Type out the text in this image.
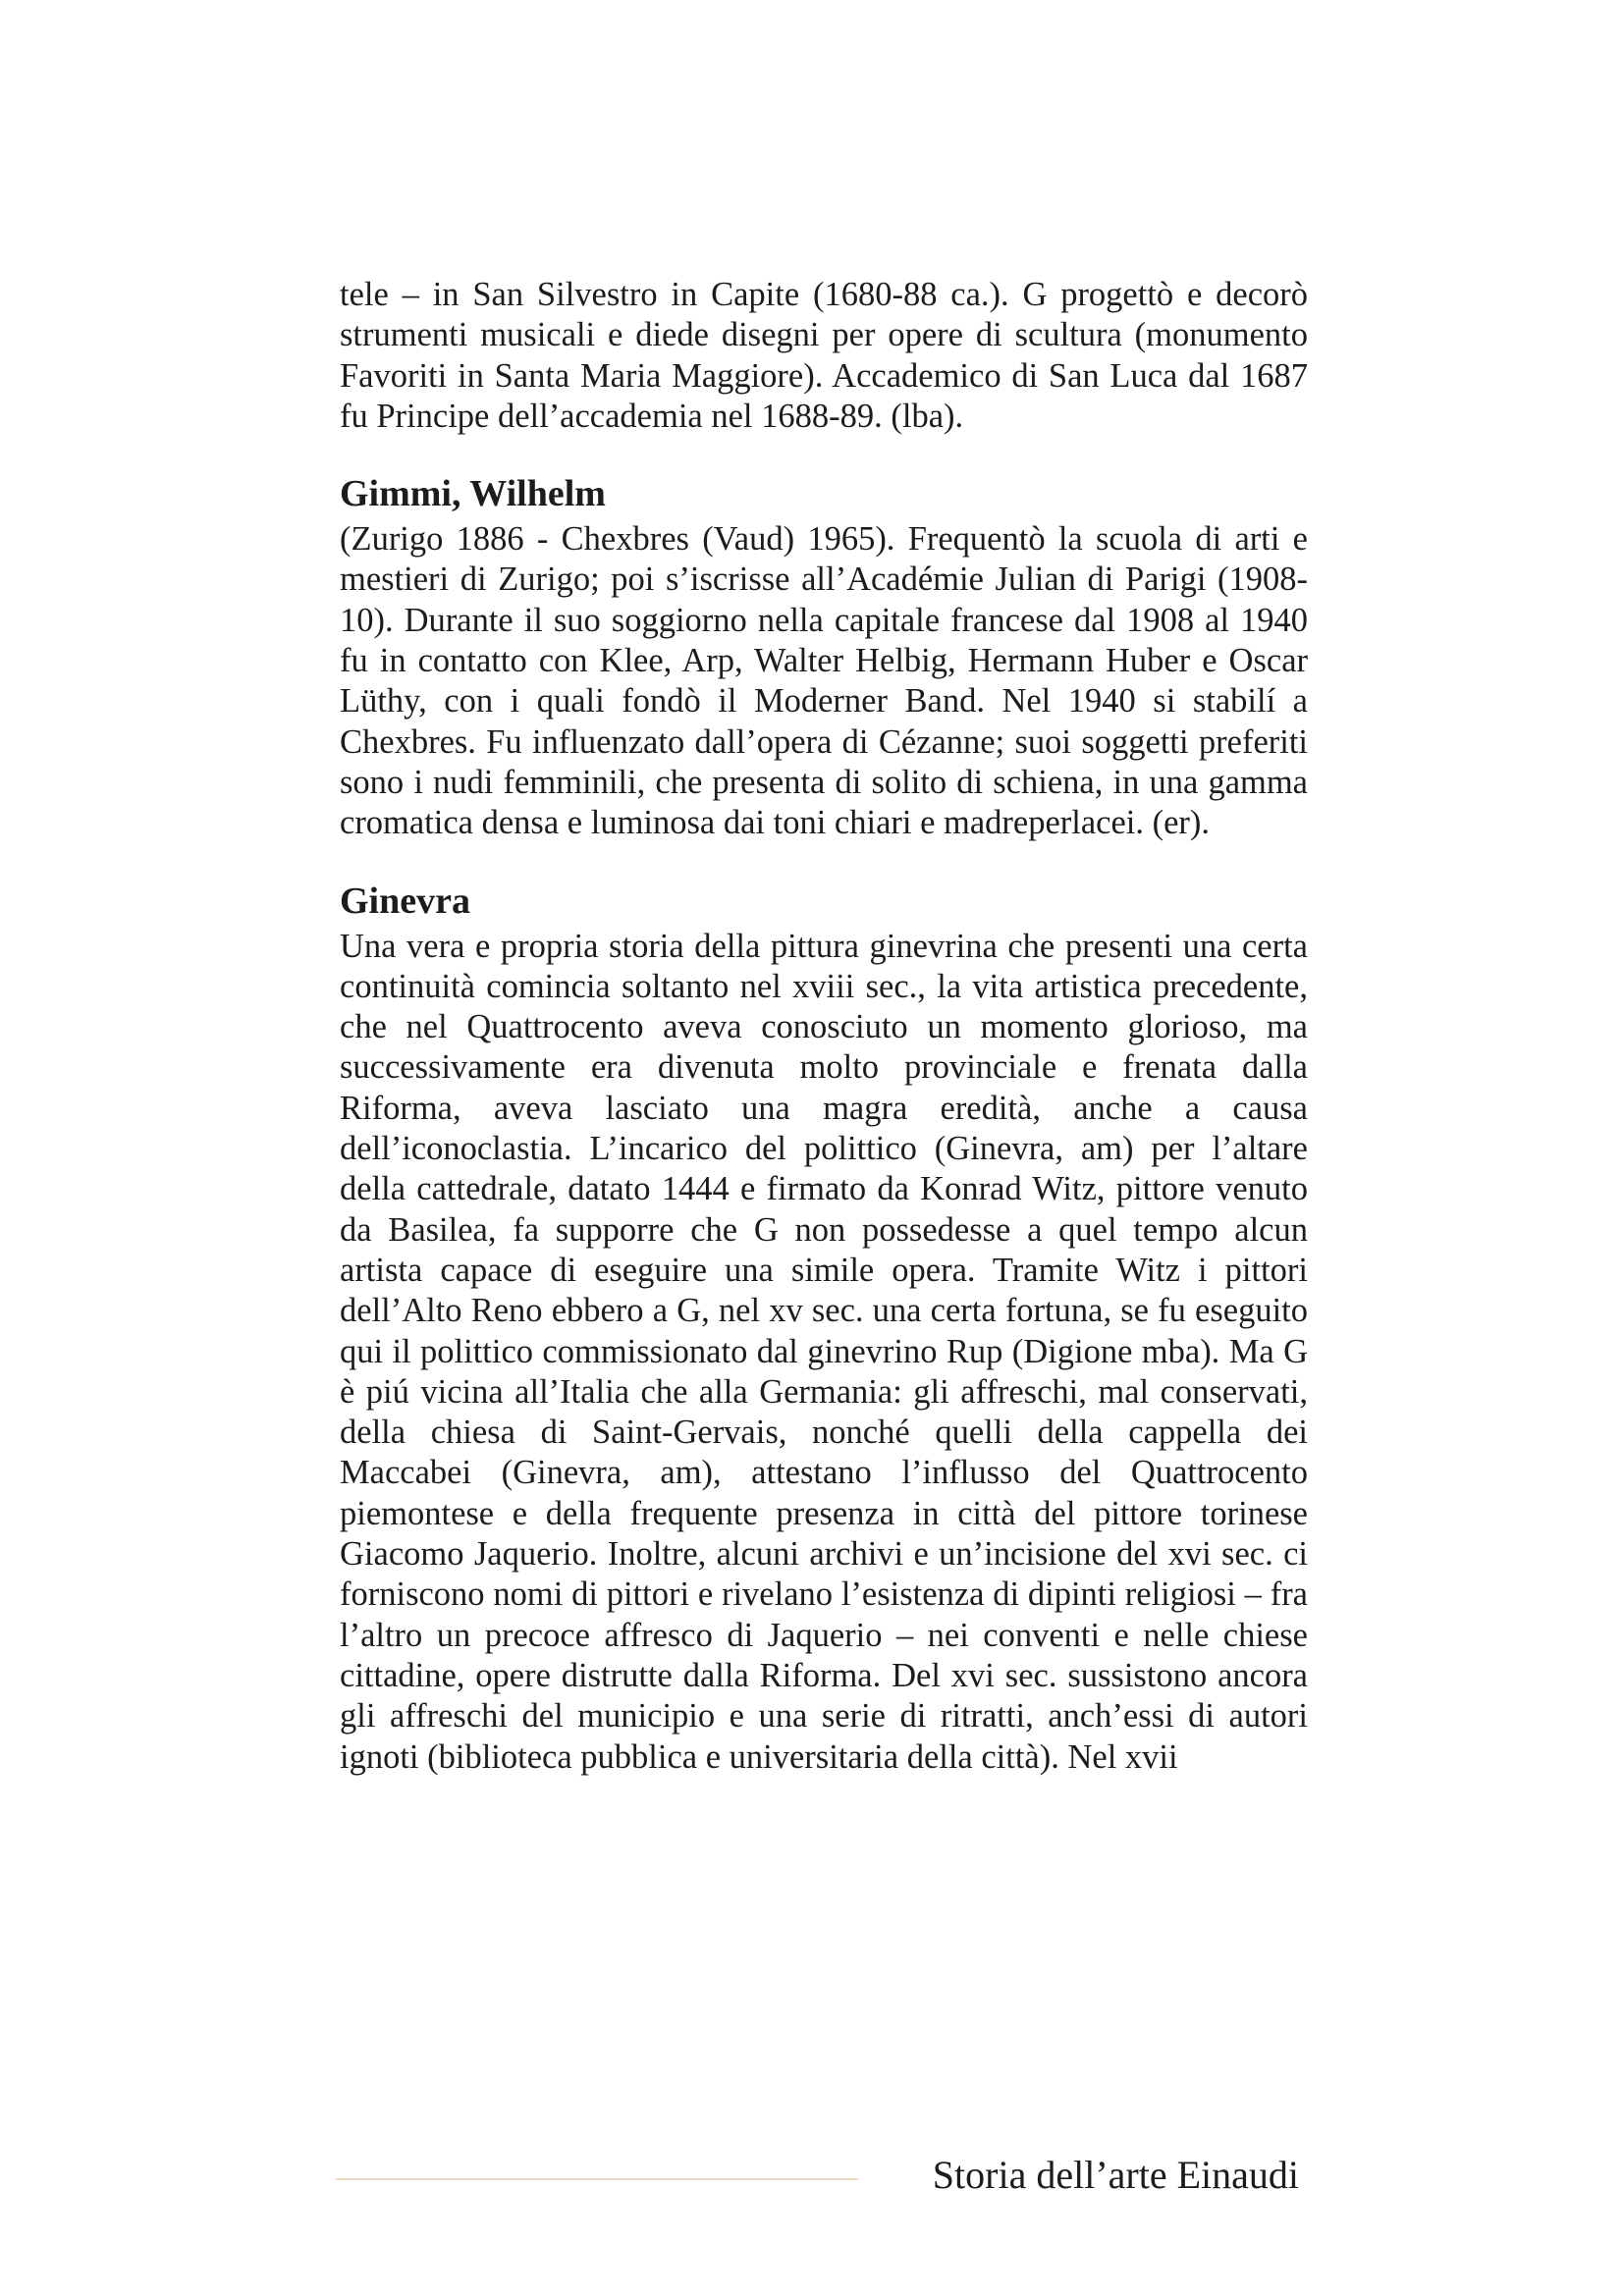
tele – in San Silvestro in Capite (1680-88 ca.). G progettò e decorò strumenti musicali e diede disegni per opere di scultura (monumento Favoriti in Santa Maria Maggiore). Accademico di San Luca dal 1687 fu Principe dell’accademia nel 1688-89. (lba).

Gimmi, Wilhelm

(Zurigo 1886 - Chexbres (Vaud) 1965). Frequentò la scuola di arti e mestieri di Zurigo; poi s’iscrisse all’Académie Julian di Parigi (1908-10). Durante il suo soggiorno nella capitale francese dal 1908 al 1940 fu in contatto con Klee, Arp, Walter Helbig, Hermann Huber e Oscar Lüthy, con i quali fondò il Moderner Band. Nel 1940 si stabilí a Chexbres. Fu influenzato dall’opera di Cézanne; suoi soggetti preferiti sono i nudi femminili, che presenta di solito di schiena, in una gamma cromatica densa e luminosa dai toni chiari e madreperlacei. (er).

Ginevra

Una vera e propria storia della pittura ginevrina che presenti una certa continuità comincia soltanto nel xviii sec., la vita artistica precedente, che nel Quattrocento aveva conosciuto un momento glorioso, ma successivamente era divenuta molto provinciale e frenata dalla Riforma, aveva lasciato una magra eredità, anche a causa dell’iconoclastia. L’incarico del polittico (Ginevra, am) per l’altare della cattedrale, datato 1444 e firmato da Konrad Witz, pittore venuto da Basilea, fa supporre che G non possedesse a quel tempo alcun artista capace di eseguire una simile opera. Tramite Witz i pittori dell’Alto Reno ebbero a G, nel xv sec. una certa fortuna, se fu eseguito qui il polittico commissionato dal ginevrino Rup (Digione mba). Ma G è piú vicina all’Italia che alla Germania: gli affreschi, mal conservati, della chiesa di Saint-Gervais, nonché quelli della cappella dei Maccabei (Ginevra, am), attestano l’influsso del Quattrocento piemontese e della frequente presenza in città del pittore torinese Giacomo Jaquerio. Inoltre, alcuni archivi e un’incisione del xvi sec. ci forniscono nomi di pittori e rivelano l’esistenza di dipinti religiosi – fra l’altro un precoce affresco di Jaquerio – nei conventi e nelle chiese cittadine, opere distrutte dalla Riforma. Del xvi sec. sussistono ancora gli affreschi del municipio e una serie di ritratti, anch’essi di autori ignoti (biblioteca pubblica e universitaria della città). Nel xvii

Storia dell’arte Einaudi
